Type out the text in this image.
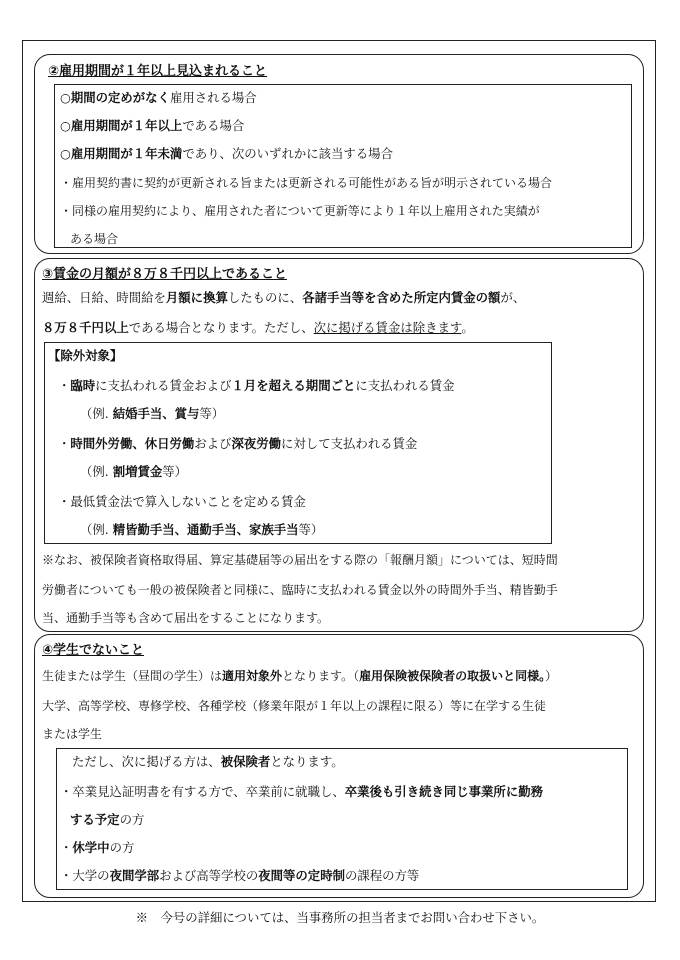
②雇用期間が１年以上見込まれること
○期間の定めがなく雇用される場合
○雇用期間が１年以上である場合
○雇用期間が１年未満であり、次のいずれかに該当する場合
・雇用契約書に契約が更新される旨または更新される可能性がある旨が明示されている場合
・同様の雇用契約により、雇用された者について更新等により１年以上雇用された実績が
ある場合
③賃金の月額が８万８千円以上であること
週給、日給、時間給を月額に換算したものに、各諸手当等を含めた所定内賃金の額が、
８万８千円以上である場合となります。ただし、次に掲げる賃金は除きます。
【除外対象】
・臨時に支払われる賃金および１月を超える期間ごとに支払われる賃金
（例. 結婚手当、賞与等）
・時間外労働、休日労働および深夜労働に対して支払われる賃金
（例. 割増賃金等）
・最低賃金法で算入しないことを定める賃金
（例. 精皆勤手当、通勤手当、家族手当等）
※なお、被保険者資格取得届、算定基礎届等の届出をする際の「報酬月額」については、短時間
労働者についても一般の被保険者と同様に、臨時に支払われる賃金以外の時間外手当、精皆勤手
当、通勤手当等も含めて届出をすることになります。
④学生でないこと
生徒または学生（昼間の学生）は適用対象外となります。（雇用保険被保険者の取扱いと同様。）
大学、高等学校、専修学校、各種学校（修業年限が１年以上の課程に限る）等に在学する生徒
または学生
ただし、次に掲げる方は、被保険者となります。
・卒業見込証明書を有する方で、卒業前に就職し、卒業後も引き続き同じ事業所に勤務
する予定の方
・休学中の方
・大学の夜間学部および高等学校の夜間等の定時制の課程の方等
※　今号の詳細については、当事務所の担当者までお問い合わせ下さい。
